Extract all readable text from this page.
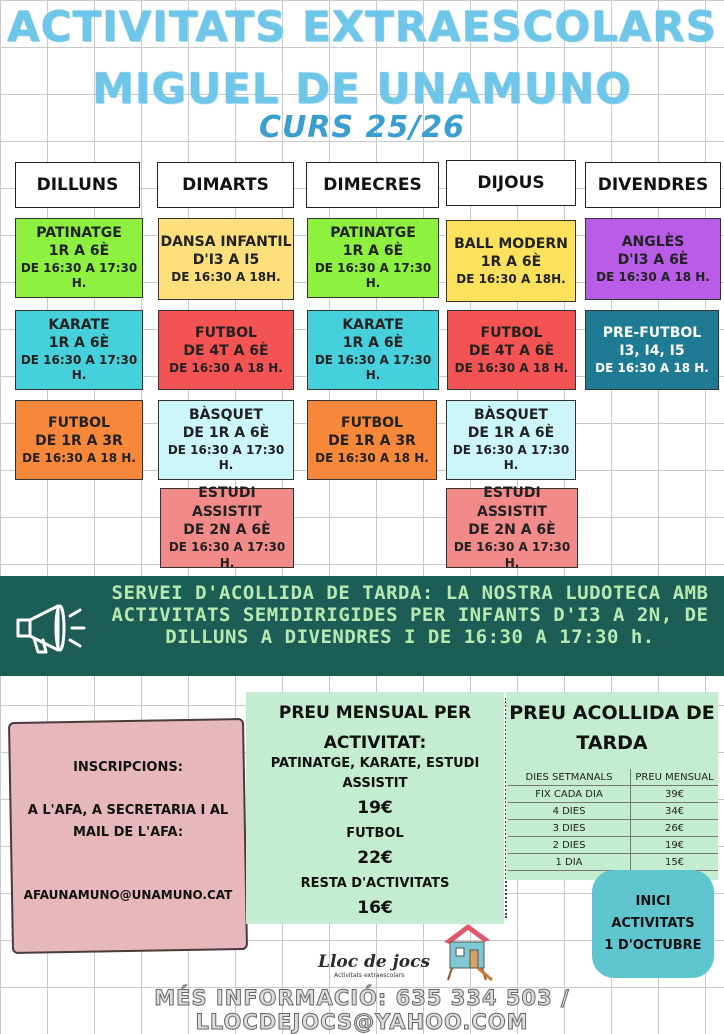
ACTIVITATS EXTRAESCOLARS
MIGUEL DE UNAMUNO
CURS 25/26
DILLUNS	DIMARTS	DIMECRES	DIJOUS	DIVENDRES
PATINATGE
1R A 6È
DE 16:30 A 17:30 H.
KARATE
1R A 6È
DE 16:30 A 17:30 H.
FUTBOL
DE 1R A 3R
DE 16:30 A 18 H.
DANSA INFANTIL
D'I3 A I5
DE 16:30 A 18H.
FUTBOL
DE 4T A 6È
DE 16:30 A 18 H.
BÀSQUET
DE 1R A 6È
DE 16:30 A 17:30 H.
ESTUDI ASSISTIT
DE 2N A 6È
DE 16:30 A 17:30 H.
PATINATGE
1R A 6È
DE 16:30 A 17:30 H.
KARATE
1R A 6È
DE 16:30 A 17:30 H.
FUTBOL
DE 1R A 3R
DE 16:30 A 18 H.
BALL MODERN
1R A 6È
DE 16:30 A 18H.
FUTBOL
DE 4T A 6È
DE 16:30 A 18 H.
BÀSQUET
DE 1R A 6È
DE 16:30 A 17:30 H.
ESTUDI ASSISTIT
DE 2N A 6È
DE 16:30 A 17:30 H.
ANGLÈS
D'I3 A 6È
DE 16:30 A 18 H.
PRE-FUTBOL
I3, I4, I5
DE 16:30 A 18 H.
SERVEI D'ACOLLIDA DE TARDA: LA NOSTRA LUDOTECA AMB ACTIVITATS SEMIDIRIGIDES PER INFANTS D'I3 A 2N, DE DILLUNS A DIVENDRES I DE 16:30 A 17:30 h.
INSCRIPCIONS:
A L'AFA, A SECRETARIA I AL MAIL DE L'AFA:
AFAUNAMUNO@UNAMUNO.CAT
PREU MENSUAL PER ACTIVITAT:
PATINATGE, KARATE, ESTUDI ASSISTIT
19€
FUTBOL
22€
RESTA D'ACTIVITATS
16€
PREU ACOLLIDA DE TARDA
DIES SETMANALS	PREU MENSUAL
FIX CADA DIA	39€
4 DIES	34€
3 DIES	26€
2 DIES	19€
1 DIA	15€
INICI
ACTIVITATS
1 D'OCTUBRE
Lloc de jocs
Activitats extraescolars
MÉS INFORMACIÓ: 635 334 503 / LLOCDEJOCS@YAHOO.COM
